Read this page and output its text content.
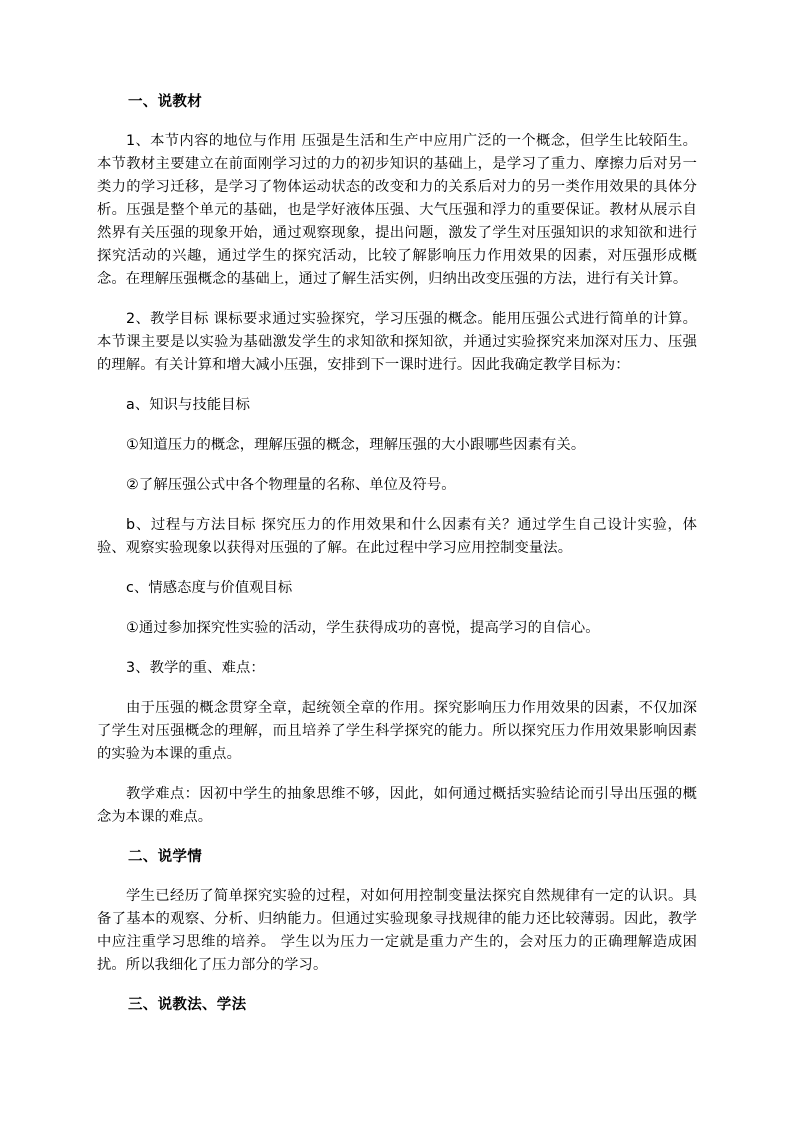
一、说教材

1、本节内容的地位与作用 压强是生活和生产中应用广泛的一个概念，但学生比较陌生。本节教材主要建立在前面刚学习过的力的初步知识的基础上，是学习了重力、摩擦力后对另一类力的学习迁移，是学习了物体运动状态的改变和力的关系后对力的另一类作用效果的具体分析。压强是整个单元的基础，也是学好液体压强、大气压强和浮力的重要保证。教材从展示自然界有关压强的现象开始，通过观察现象，提出问题，激发了学生对压强知识的求知欲和进行探究活动的兴趣，通过学生的探究活动，比较了解影响压力作用效果的因素，对压强形成概念。在理解压强概念的基础上，通过了解生活实例，归纳出改变压强的方法，进行有关计算。

2、教学目标 课标要求通过实验探究，学习压强的概念。能用压强公式进行简单的计算。本节课主要是以实验为基础激发学生的求知欲和探知欲，并通过实验探究来加深对压力、压强的理解。有关计算和增大减小压强，安排到下一课时进行。因此我确定教学目标为：

a、知识与技能目标

①知道压力的概念，理解压强的概念，理解压强的大小跟哪些因素有关。

②了解压强公式中各个物理量的名称、单位及符号。

b、过程与方法目标 探究压力的作用效果和什么因素有关？通过学生自己设计实验，体验、观察实验现象以获得对压强的了解。在此过程中学习应用控制变量法。

c、情感态度与价值观目标

①通过参加探究性实验的活动，学生获得成功的喜悦，提高学习的自信心。

3、教学的重、难点：

由于压强的概念贯穿全章，起统领全章的作用。探究影响压力作用效果的因素，不仅加深了学生对压强概念的理解，而且培养了学生科学探究的能力。所以探究压力作用效果影响因素的实验为本课的重点。

教学难点：因初中学生的抽象思维不够，因此，如何通过概括实验结论而引导出压强的概念为本课的难点。

二、说学情

学生已经历了简单探究实验的过程，对如何用控制变量法探究自然规律有一定的认识。具备了基本的观察、分析、归纳能力。但通过实验现象寻找规律的能力还比较薄弱。因此，教学中应注重学习思维的培养。 学生以为压力一定就是重力产生的，会对压力的正确理解造成困扰。所以我细化了压力部分的学习。

三、说教法、学法
